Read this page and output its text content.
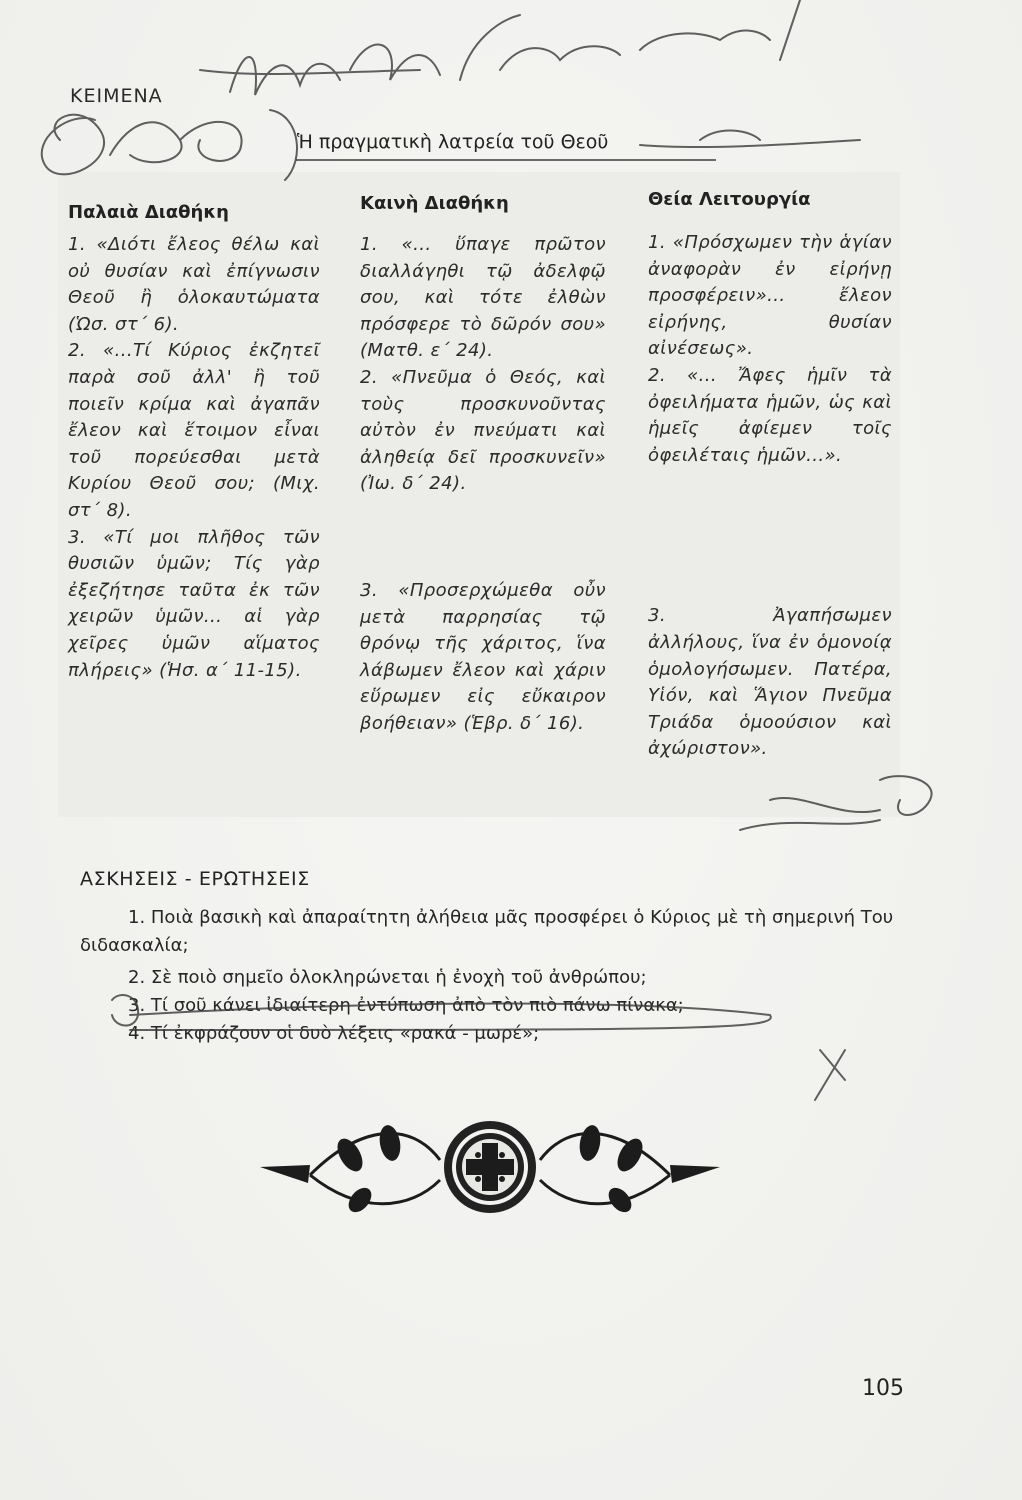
ΚΕΙΜΕΝΑ
Ἡ πραγματικὴ λατρεία τοῦ Θεοῦ
Παλαιὰ Διαθήκη	Καινὴ Διαθήκη	Θεία Λειτουργία

1. «Διότι ἔλεος θέλω καὶ οὐ θυσίαν καὶ ἐπίγνωσιν Θεοῦ ἢ ὁλοκαυτώματα (Ὡσ. στ΄ 6).

2. «...Τί Κύριος ἐκζητεῖ παρὰ σοῦ ἀλλ' ἢ τοῦ ποιεῖν κρίμα καὶ ἀγαπᾶν ἔλεον καὶ ἕτοιμον εἶναι τοῦ πορεύεσθαι μετὰ Κυρίου Θεοῦ σου; (Μιχ. στ΄ 8).

3. «Τί μοι πλῆθος τῶν θυσιῶν ὑμῶν; Τίς γὰρ ἐξεζήτησε ταῦτα ἐκ τῶν χειρῶν ὑμῶν... αἱ γὰρ χεῖρες ὑμῶν αἵματος πλήρεις» (Ἡσ. α΄ 11-15).

1. «... ὕπαγε πρῶτον διαλλάγηθι τῷ ἀδελφῷ σου, καὶ τότε ἐλθὼν πρόσφερε τὸ δῶρόν σου» (Ματθ. ε΄ 24).

2. «Πνεῦμα ὁ Θεός, καὶ τοὺς προσκυνοῦντας αὐτὸν ἐν πνεύματι καὶ ἀληθείᾳ δεῖ προσκυνεῖν» (Ἰω. δ΄ 24).

3. «Προσερχώμεθα οὖν μετὰ παρρησίας τῷ θρόνῳ τῆς χάριτος, ἵνα λάβωμεν ἔλεον καὶ χάριν εὕρωμεν εἰς εὔκαιρον βοήθειαν» (Ἑβρ. δ΄ 16).

1. «Πρόσχωμεν τὴν ἁγίαν ἀναφορὰν ἐν εἰρήνῃ προσφέρειν»... ἔλεον εἰρήνης, θυσίαν αἰνέσεως».

2. «... Ἄφες ἡμῖν τὰ ὀφειλήματα ἡμῶν, ὡς καὶ ἡμεῖς ἀφίεμεν τοῖς ὀφειλέταις ἡμῶν...».

3. Ἀγαπήσωμεν ἀλλήλους, ἵνα ἐν ὁμονοίᾳ ὁμολογήσωμεν. Πατέρα, Υἱόν, καὶ Ἅγιον Πνεῦμα Τριάδα ὁμοούσιον καὶ ἀχώριστον».

ΑΣΚΗΣΕΙΣ - ΕΡΩΤΗΣΕΙΣ
1. Ποιὰ βασικὴ καὶ ἀπαραίτητη ἀλήθεια μᾶς προσφέρει ὁ Κύριος μὲ τὴ σημερινή Του διδασκαλία;
2. Σὲ ποιὸ σημεῖο ὁλοκληρώνεται ἡ ἐνοχὴ τοῦ ἀνθρώπου;
3. Τί σοῦ κάνει ἰδιαίτερη ἐντύπωση ἀπὸ τὸν πιὸ πάνω πίνακα;
4. Τί ἐκφράζουν οἱ δυὸ λέξεις «ρακά - μωρέ»;
105
